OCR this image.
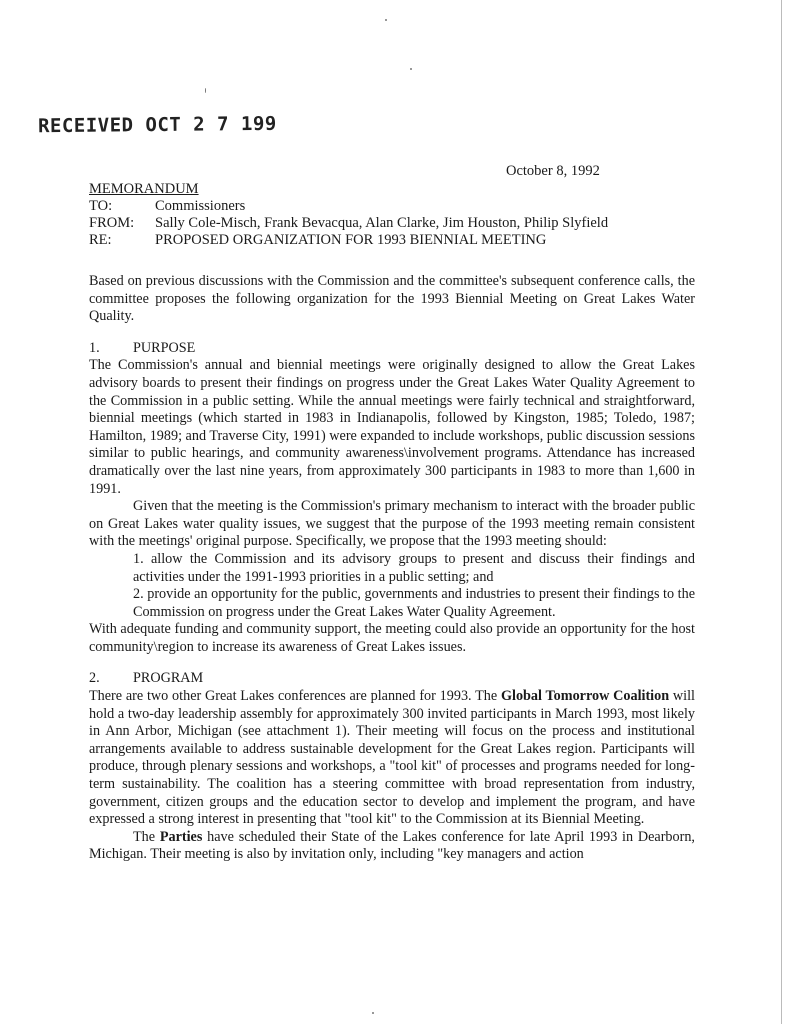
RECEIVED OCT 2 7 199
October 8, 1992
MEMORANDUM
TO:	Commissioners
FROM: Sally Cole-Misch, Frank Bevacqua, Alan Clarke, Jim Houston, Philip Slyfield
RE:	PROPOSED ORGANIZATION FOR 1993 BIENNIAL MEETING

Based on previous discussions with the Commission and the committee's subsequent conference calls, the committee proposes the following organization for the 1993 Biennial Meeting on Great Lakes Water Quality.

1. PURPOSE

The Commission's annual and biennial meetings were originally designed to allow the Great Lakes advisory boards to present their findings on progress under the Great Lakes Water Quality Agreement to the Commission in a public setting. While the annual meetings were fairly technical and straightforward, biennial meetings (which started in 1983 in Indianapolis, followed by Kingston, 1985; Toledo, 1987; Hamilton, 1989; and Traverse City, 1991) were expanded to include workshops, public discussion sessions similar to public hearings, and community awareness\involvement programs. Attendance has increased dramatically over the last nine years, from approximately 300 participants in 1983 to more than 1,600 in 1991.

Given that the meeting is the Commission's primary mechanism to interact with the broader public on Great Lakes water quality issues, we suggest that the purpose of the 1993 meeting remain consistent with the meetings' original purpose. Specifically, we propose that the 1993 meeting should:

1. allow the Commission and its advisory groups to present and discuss their findings and activities under the 1991-1993 priorities in a public setting; and

2. provide an opportunity for the public, governments and industries to present their findings to the Commission on progress under the Great Lakes Water Quality Agreement.

With adequate funding and community support, the meeting could also provide an opportunity for the host community\region to increase its awareness of Great Lakes issues.

2. PROGRAM

There are two other Great Lakes conferences are planned for 1993. The Global Tomorrow Coalition will hold a two-day leadership assembly for approximately 300 invited participants in March 1993, most likely in Ann Arbor, Michigan (see attachment 1). Their meeting will focus on the process and institutional arrangements available to address sustainable development for the Great Lakes region. Participants will produce, through plenary sessions and workshops, a "tool kit" of processes and programs needed for long-term sustainability. The coalition has a steering committee with broad representation from industry, government, citizen groups and the education sector to develop and implement the program, and have expressed a strong interest in presenting that "tool kit" to the Commission at its Biennial Meeting.

The Parties have scheduled their State of the Lakes conference for late April 1993 in Dearborn, Michigan. Their meeting is also by invitation only, including "key managers and action
